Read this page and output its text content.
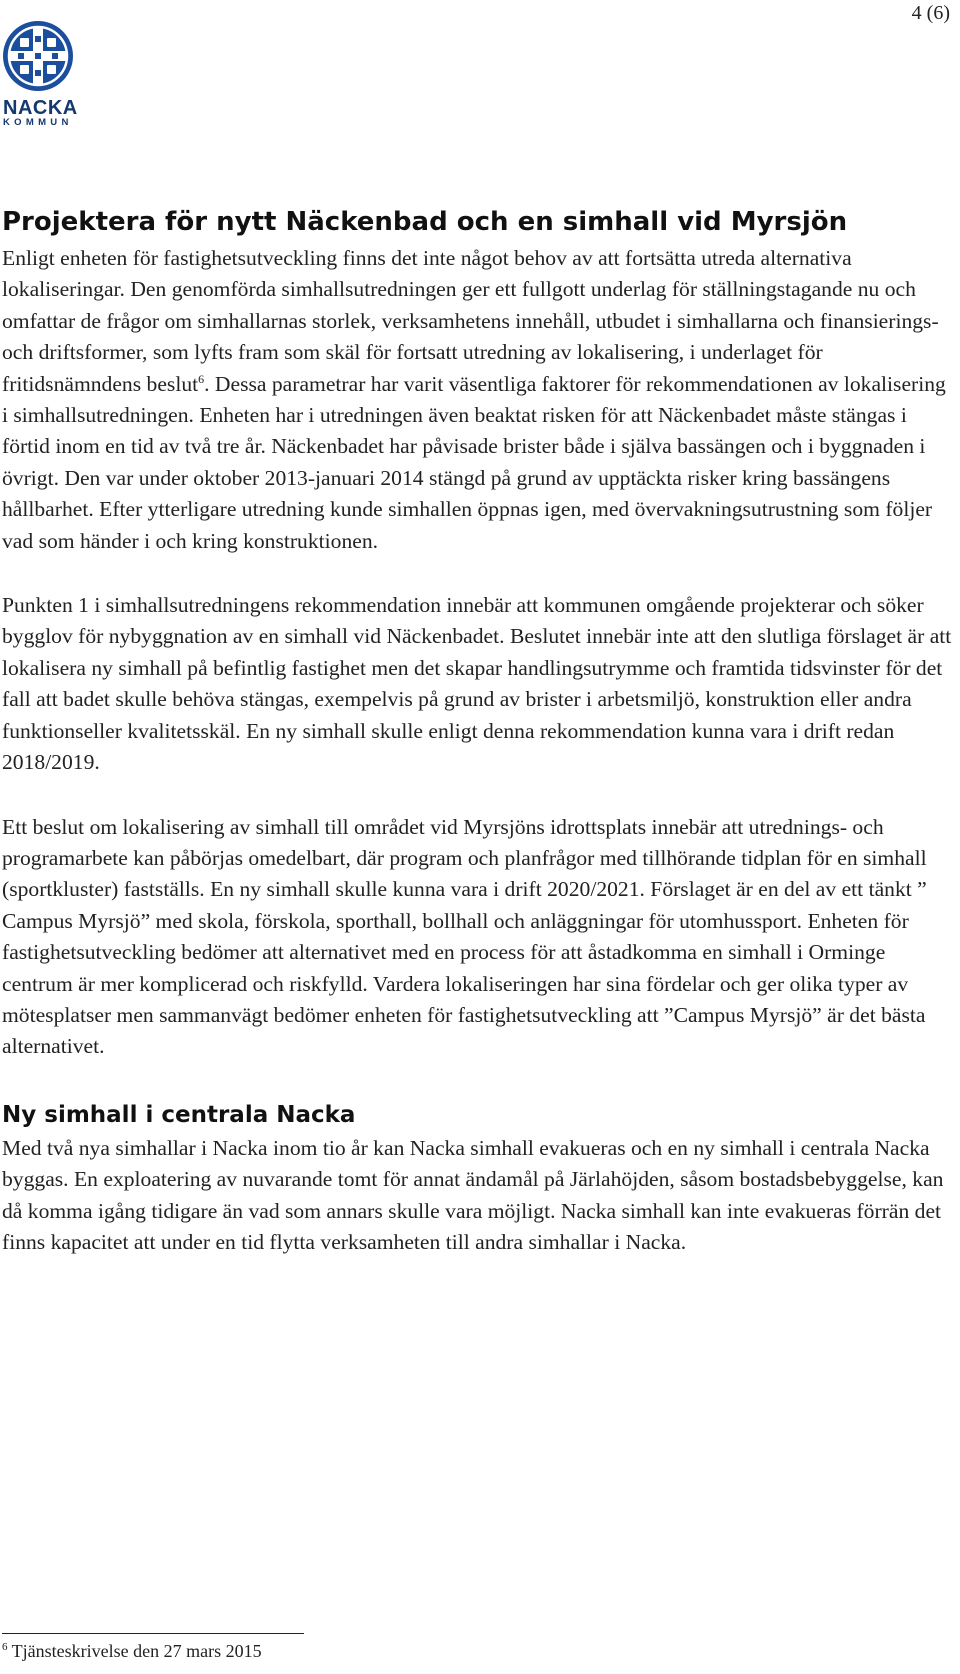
4 (6)
NACKA
KOMMUN
Projektera för nytt Näckenbad och en simhall vid Myrsjön

Enligt enheten för fastighetsutveckling finns det inte något behov av att fortsätta utreda alternativa lokaliseringar. Den genomförda simhallsutredningen ger ett fullgott underlag för ställningstagande nu och omfattar de frågor om simhallarnas storlek, verksamhetens innehåll, utbudet i simhallarna och finansierings- och driftsformer, som lyfts fram som skäl för fortsatt utredning av lokalisering, i underlaget för fritidsnämndens beslut$^6$. Dessa parametrar har varit väsentliga faktorer för rekommendationen av lokalisering i simhallsutredningen. Enheten har i utredningen även beaktat risken för att Näckenbadet måste stängas i förtid inom en tid av två tre år. Näckenbadet har påvisade brister både i själva bassängen och i byggnaden i övrigt. Den var under oktober 2013-januari 2014 stängd på grund av upptäckta risker kring bassängens hållbarhet. Efter ytterligare utredning kunde simhallen öppnas igen, med övervakningsutrustning som följer vad som händer i och kring konstruktionen.

Punkten 1 i simhallsutredningens rekommendation innebär att kommunen omgående projekterar och söker bygglov för nybyggnation av en simhall vid Näckenbadet. Beslutet innebär inte att den slutliga förslaget är att lokalisera ny simhall på befintlig fastighet men det skapar handlingsutrymme och framtida tidsvinster för det fall att badet skulle behöva stängas, exempelvis på grund av brister i arbetsmiljö, konstruktion eller andra funktionseller kvalitetsskäl. En ny simhall skulle enligt denna rekommendation kunna vara i drift redan 2018/2019.

Ett beslut om lokalisering av simhall till området vid Myrsjöns idrottsplats innebär att utrednings- och programarbete kan påbörjas omedelbart, där program och planfrågor med tillhörande tidplan för en simhall (sportkluster) fastställs. En ny simhall skulle kunna vara i drift 2020/2021. Förslaget är en del av ett tänkt ” Campus Myrsjö” med skola, förskola, sporthall, bollhall och anläggningar för utomhussport. Enheten för fastighetsutveckling bedömer att alternativet med en process för att åstadkomma en simhall i Orminge centrum är mer komplicerad och riskfylld. Vardera lokaliseringen har sina fördelar och ger olika typer av mötesplatser men sammanvägt bedömer enheten för fastighetsutveckling att ”Campus Myrsjö” är det bästa alternativet.

Ny simhall i centrala Nacka

Med två nya simhallar i Nacka inom tio år kan Nacka simhall evakueras och en ny simhall i centrala Nacka byggas. En exploatering av nuvarande tomt för annat ändamål på Järlahöjden, såsom bostadsbebyggelse, kan då komma igång tidigare än vad som annars skulle vara möjligt. Nacka simhall kan inte evakueras förrän det finns kapacitet att under en tid flytta verksamheten till andra simhallar i Nacka.

$^6$ Tjänsteskrivelse den 27 mars 2015
